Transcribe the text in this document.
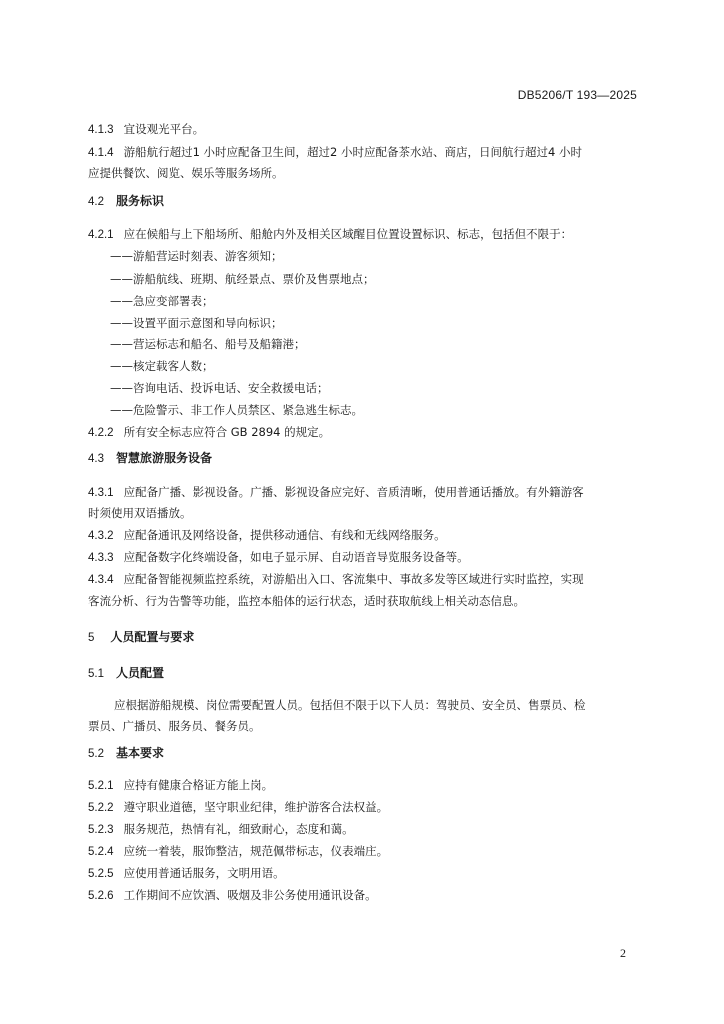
DB5206/T 193—2025
4.1.3 宜设观光平台。
4.1.4 游船航行超过1 小时应配备卫生间，超过2 小时应配备茶水站、商店，日间航行超过4 小时
应提供餐饮、阅览、娱乐等服务场所。
4.2 服务标识
4.2.1 应在候船与上下船场所、船舱内外及相关区域醒目位置设置标识、标志，包括但不限于：
——游船营运时刻表、游客须知；
——游船航线、班期、航经景点、票价及售票地点；
——急应变部署表；
——设置平面示意图和导向标识；
——营运标志和船名、船号及船籍港；
——核定载客人数；
——咨询电话、投诉电话、安全救援电话；
——危险警示、非工作人员禁区、紧急逃生标志。
4.2.2 所有安全标志应符合 GB 2894 的规定。
4.3 智慧旅游服务设备
4.3.1 应配备广播、影视设备。广播、影视设备应完好、音质清晰，使用普通话播放。有外籍游客
时须使用双语播放。
4.3.2 应配备通讯及网络设备，提供移动通信、有线和无线网络服务。
4.3.3 应配备数字化终端设备，如电子显示屏、自动语音导览服务设备等。
4.3.4 应配备智能视频监控系统，对游船出入口、客流集中、事故多发等区域进行实时监控，实现
客流分析、行为告警等功能，监控本船体的运行状态，适时获取航线上相关动态信息。
5 人员配置与要求
5.1 人员配置
应根据游船规模、岗位需要配置人员。包括但不限于以下人员：驾驶员、安全员、售票员、检
票员、广播员、服务员、餐务员。
5.2 基本要求
5.2.1 应持有健康合格证方能上岗。
5.2.2 遵守职业道德，坚守职业纪律，维护游客合法权益。
5.2.3 服务规范，热情有礼，细致耐心，态度和蔼。
5.2.4 应统一着装，服饰整洁，规范佩带标志，仪表端庄。
5.2.5 应使用普通话服务，文明用语。
5.2.6 工作期间不应饮酒、吸烟及非公务使用通讯设备。
2
